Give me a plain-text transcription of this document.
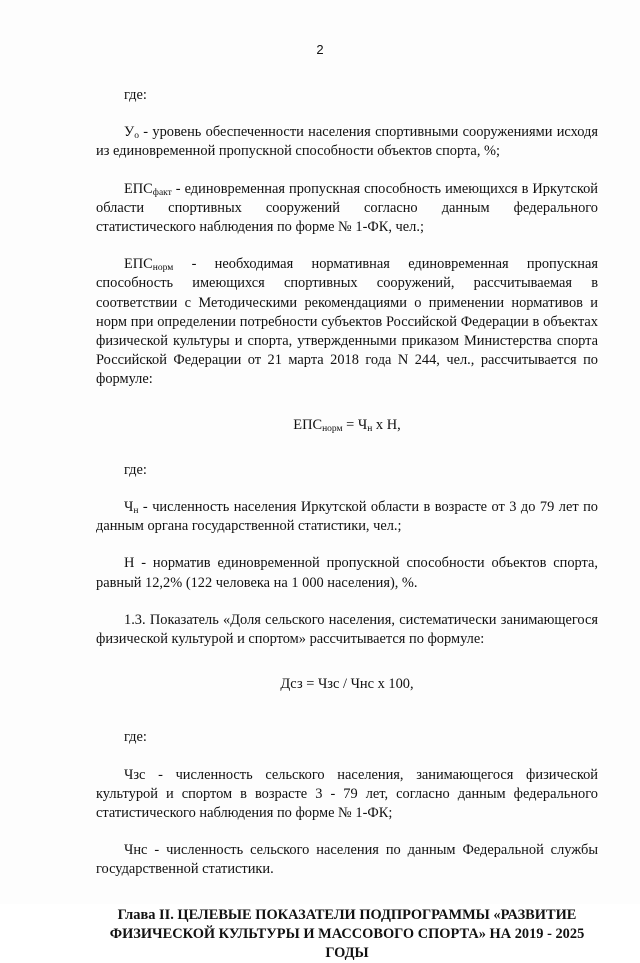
2

где:

$У_о$ - уровень обеспеченности населения спортивными сооружениями исходя из единовременной пропускной способности объектов спорта, %;

$ЕПС_{факт}$ - единовременная пропускная способность имеющихся в Иркутской области спортивных сооружений согласно данным федерального статистического наблюдения по форме № 1-ФК, чел.;

$ЕПС_{норм}$ - необходимая нормативная единовременная пропускная способность имеющихся спортивных сооружений, рассчитываемая в соответствии с Методическими рекомендациями о применении нормативов и норм при определении потребности субъектов Российской Федерации в объектах физической культуры и спорта, утвержденными приказом Министерства спорта Российской Федерации от 21 марта 2018 года N 244, чел., рассчитывается по формуле:

$ЕПС_{норм} = Ч_н$ х Н,

где:

$Ч_н$ - численность населения Иркутской области в возрасте от 3 до 79 лет по данным органа государственной статистики, чел.;

Н - норматив единовременной пропускной способности объектов спорта, равный 12,2% (122 человека на 1 000 населения), %.

1.3. Показатель «Доля сельского населения, систематически занимающегося физической культурой и спортом» рассчитывается по формуле:

Дсз = Чзс / Чнс х 100,

где:

Чзс - численность сельского населения, занимающегося физической культурой и спортом в возрасте 3 - 79 лет, согласно данным федерального статистического наблюдения по форме № 1-ФК;

Чнс - численность сельского населения по данным Федеральной службы государственной статистики.

Глава II. ЦЕЛЕВЫЕ ПОКАЗАТЕЛИ ПОДПРОГРАММЫ «РАЗВИТИЕ ФИЗИЧЕСКОЙ КУЛЬТУРЫ И МАССОВОГО СПОРТА» НА 2019 - 2025 ГОДЫ
